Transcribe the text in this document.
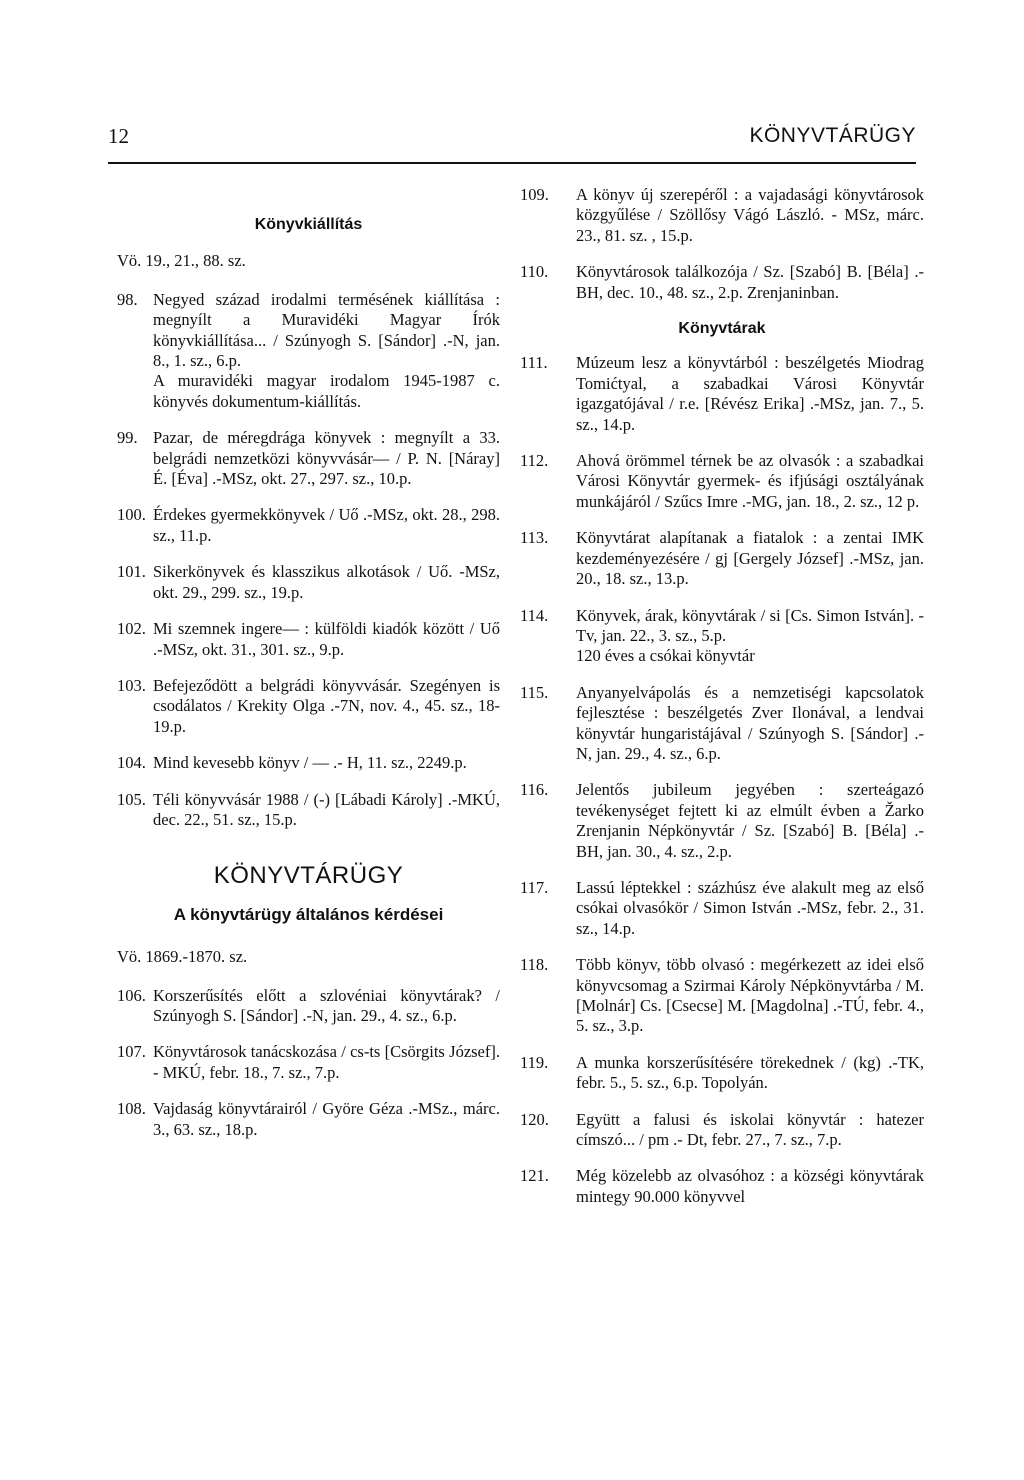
12	KÖNYVTÁRÜGY
Könyvkiállítás
Vö. 19., 21., 88. sz.
98. Negyed század irodalmi termésének kiállítása : megnyílt a Muravidéki Magyar Írók könyvkiállítása... / Szúnyogh S. [Sándor] .-N, jan. 8., 1. sz., 6.p.
A muravidéki magyar irodalom 1945-1987 c. könyvés dokumentum-kiállítás.
99. Pazar, de méregdrága könyvek : megnyílt a 33. belgrádi nemzetközi könyvvásár— / P. N. [Náray] É. [Éva] .-MSz, okt. 27., 297. sz., 10.p.
100. Érdekes gyermekkönyvek / Uő .-MSz, okt. 28., 298. sz., 11.p.
101. Sikerkönyvek és klasszikus alkotások / Uő. -MSz, okt. 29., 299. sz., 19.p.
102. Mi szemnek ingere— : külföldi kiadók között / Uő .-MSz, okt. 31., 301. sz., 9.p.
103. Befejeződött a belgrádi könyvvásár. Szegényen is csodálatos / Krekity Olga .-7N, nov. 4., 45. sz., 18-19.p.
104. Mind kevesebb könyv / — .- H, 11. sz., 2249.p.
105. Téli könyvvásár 1988 / (-) [Lábadi Károly] .-MKÚ, dec. 22., 51. sz., 15.p.
KÖNYVTÁRÜGY
A könyvtárügy általános kérdései
Vö. 1869.-1870. sz.
106. Korszerűsítés előtt a szlovéniai könyvtárak? / Szúnyogh S. [Sándor] .-N, jan. 29., 4. sz., 6.p.
107. Könyvtárosok tanácskozása / cs-ts [Csörgits József]. - MKÚ, febr. 18., 7. sz., 7.p.
108. Vajdaság könyvtárairól / Györe Géza .-MSz., márc. 3., 63. sz., 18.p.
109.	A könyv új szerepéről : a vajadasági könyvtárosok közgyűlése / Szöllősy Vágó László. - MSz, márc. 23., 81. sz. , 15.p.
110.	Könyvtárosok találkozója / Sz. [Szabó] B. [Béla] .-BH, dec. 10., 48. sz., 2.p. Zrenjaninban.
Könyvtárak
111.	Múzeum lesz a könyvtárból : beszélgetés Miodrag Tomićtyal, a szabadkai Városi Könyvtár igazgatójával / r.e. [Révész Erika] .-MSz, jan. 7., 5. sz., 14.p.
112.	Ahová örömmel térnek be az olvasók : a szabadkai Városi Könyvtár gyermek- és ifjúsági osztályának munkájáról / Szűcs Imre .-MG, jan. 18., 2. sz., 12 p.
113.	Könyvtárat alapítanak a fiatalok : a zentai IMK kezdeményezésére / gj [Gergely József] .-MSz, jan. 20., 18. sz., 13.p.
114.	Könyvek, árak, könyvtárak / si [Cs. Simon István]. - Tv, jan. 22., 3. sz., 5.p.
120 éves a csókai könyvtár
115.	Anyanyelvápolás és a nemzetiségi kapcsolatok fejlesztése : beszélgetés Zver Ilonával, a lendvai könyvtár hungaristájával / Szúnyogh S. [Sándor] .-N, jan. 29., 4. sz., 6.p.
116.	Jelentős jubileum jegyében : szerteágazó tevékenységet fejtett ki az elmúlt évben a Žarko Zrenjanin Népkönyvtár / Sz. [Szabó] B. [Béla] .-BH, jan. 30., 4. sz., 2.p.
117.	Lassú léptekkel : százhúsz éve alakult meg az első csókai olvasókör / Simon István .-MSz, febr. 2., 31. sz., 14.p.
118.	Több könyv, több olvasó : megérkezett az idei első könyvcsomag a Szirmai Károly Népkönyvtárba / M. [Molnár] Cs. [Csecse] M. [Magdolna] .-TÚ, febr. 4., 5. sz., 3.p.
119.	A munka korszerűsítésére törekednek / (kg) .-TK, febr. 5., 5. sz., 6.p. Topolyán.
120.	Együtt a falusi és iskolai könyvtár : hatezer címszó... / pm .- Dt, febr. 27., 7. sz., 7.p.
121.	Még közelebb az olvasóhoz : a községi könyvtárak mintegy 90.000 könyvvel
